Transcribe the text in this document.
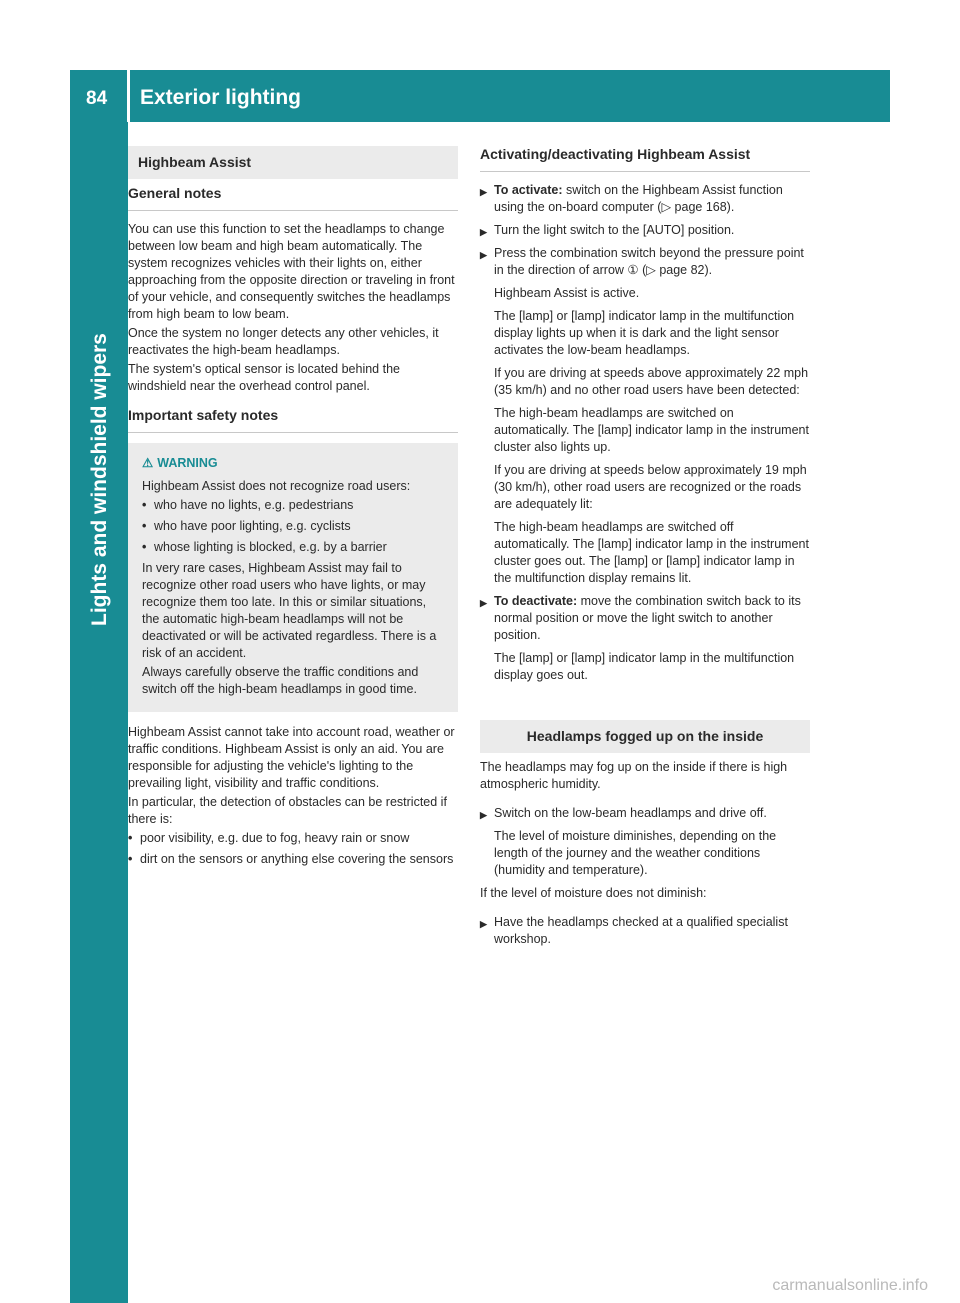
84 Exterior lighting
Lights and windshield wipers
Highbeam Assist
General notes

You can use this function to set the headlamps to change between low beam and high beam automatically. The system recognizes vehicles with their lights on, either approaching from the opposite direction or traveling in front of your vehicle, and consequently switches the headlamps from high beam to low beam.

Once the system no longer detects any other vehicles, it reactivates the high-beam headlamps.

The system's optical sensor is located behind the windshield near the overhead control panel.

Important safety notes
⚠ WARNING

Highbeam Assist does not recognize road users:

• who have no lights, e.g. pedestrians
• who have poor lighting, e.g. cyclists
• whose lighting is blocked, e.g. by a barrier

In very rare cases, Highbeam Assist may fail to recognize other road users who have lights, or may recognize them too late. In this or similar situations, the automatic high-beam headlamps will not be deactivated or will be activated regardless. There is a risk of an accident.

Always carefully observe the traffic conditions and switch off the high-beam headlamps in good time.

Highbeam Assist cannot take into account road, weather or traffic conditions. Highbeam Assist is only an aid. You are responsible for adjusting the vehicle's lighting to the prevailing light, visibility and traffic conditions.

In particular, the detection of obstacles can be restricted if there is:

• poor visibility, e.g. due to fog, heavy rain or snow
• dirt on the sensors or anything else covering the sensors
Activating/deactivating Highbeam Assist
▶ To activate: switch on the Highbeam Assist function using the on-board computer (▷ page 168).
▶ Turn the light switch to the [AUTO] position.
▶ Press the combination switch beyond the pressure point in the direction of arrow ① (▷ page 82).

Highbeam Assist is active.

The [lamp] or [lamp] indicator lamp in the multifunction display lights up when it is dark and the light sensor activates the low-beam headlamps.

If you are driving at speeds above approximately 22 mph (35 km/h) and no other road users have been detected:

The high-beam headlamps are switched on automatically. The [lamp] indicator lamp in the instrument cluster also lights up.

If you are driving at speeds below approximately 19 mph (30 km/h), other road users are recognized or the roads are adequately lit:

The high-beam headlamps are switched off automatically. The [lamp] indicator lamp in the instrument cluster goes out. The [lamp] or [lamp] indicator lamp in the multifunction display remains lit.

▶ To deactivate: move the combination switch back to its normal position or move the light switch to another position.

The [lamp] or [lamp] indicator lamp in the multifunction display goes out.

Headlamps fogged up on the inside

The headlamps may fog up on the inside if there is high atmospheric humidity.

▶ Switch on the low-beam headlamps and drive off.

The level of moisture diminishes, depending on the length of the journey and the weather conditions (humidity and temperature).

If the level of moisture does not diminish:

▶ Have the headlamps checked at a qualified specialist workshop.
carmanualsonline.info
